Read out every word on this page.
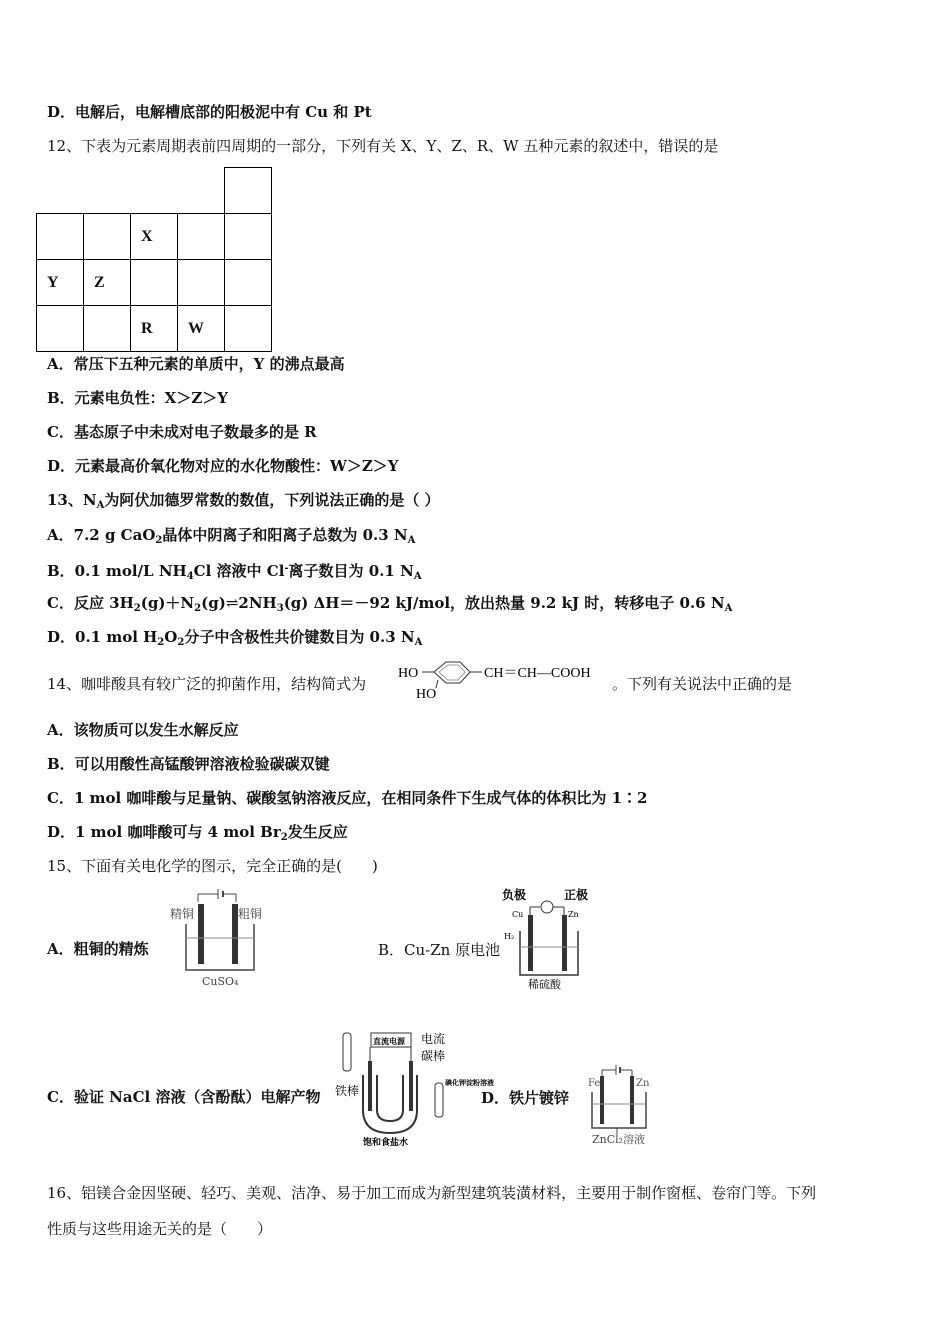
D．电解后，电解槽底部的阳极泥中有 Cu 和 Pt
12、下表为元素周期表前四周期的一部分，下列有关 X、Y、Z、R、W 五种元素的叙述中，错误的是

		X		
Y	Z			
		R	W	
A．常压下五种元素的单质中，Y 的沸点最高
B．元素电负性：X＞Z＞Y
C．基态原子中未成对电子数最多的是 R
D．元素最高价氧化物对应的水化物酸性：W＞Z＞Y
13、$N_A$为阿伏加德罗常数的数值，下列说法正确的是（ ）
A．7.2 g CaO$_2$晶体中阴离子和阳离子总数为 0.3 $N_A$
B．0.1 mol/L $NH_4Cl$ 溶液中 Cl-离子数目为 0.1 $N_A$
C．反应 $3H_2(g)+N_2(g)\rightleftharpoons 2NH_3(g)$ ΔH＝－92 kJ/mol，放出热量 9.2 kJ 时，转移电子 0.6 $N_A$
D．0.1 mol $H_2O_2$分子中含极性共价键数目为 0.3 $N_A$
14、咖啡酸具有较广泛的抑菌作用，结构简式为
HO
HO
CH＝CH—COOH
。下列有关说法中正确的是
A．该物质可以发生水解反应
B．可以用酸性高锰酸钾溶液检验碳碳双键
C．1 mol 咖啡酸与足量钠、碳酸氢钠溶液反应，在相同条件下生成气体的体积比为 1∶2
D．1 mol 咖啡酸可与 4 mol $Br_2$发生反应
15、下面有关电化学的图示，完全正确的是(　　)
A．粗铜的精炼
精铜	粗铜
CuSO₄
B．Cu-Zn 原电池
负极	正极
Cu	Zn
H₂
稀硫酸
C．验证 NaCl 溶液（含酚酞）电解产物
直流电源 电流
碳棒
铁棒
碘化钾淀粉溶液
饱和食盐水
D．铁片镀锌
Fe	Zn
ZnCl₂溶液
16、铝镁合金因坚硬、轻巧、美观、洁净、易于加工而成为新型建筑装潢材料，主要用于制作窗框、卷帘门等。下列
性质与这些用途无关的是（　　）
